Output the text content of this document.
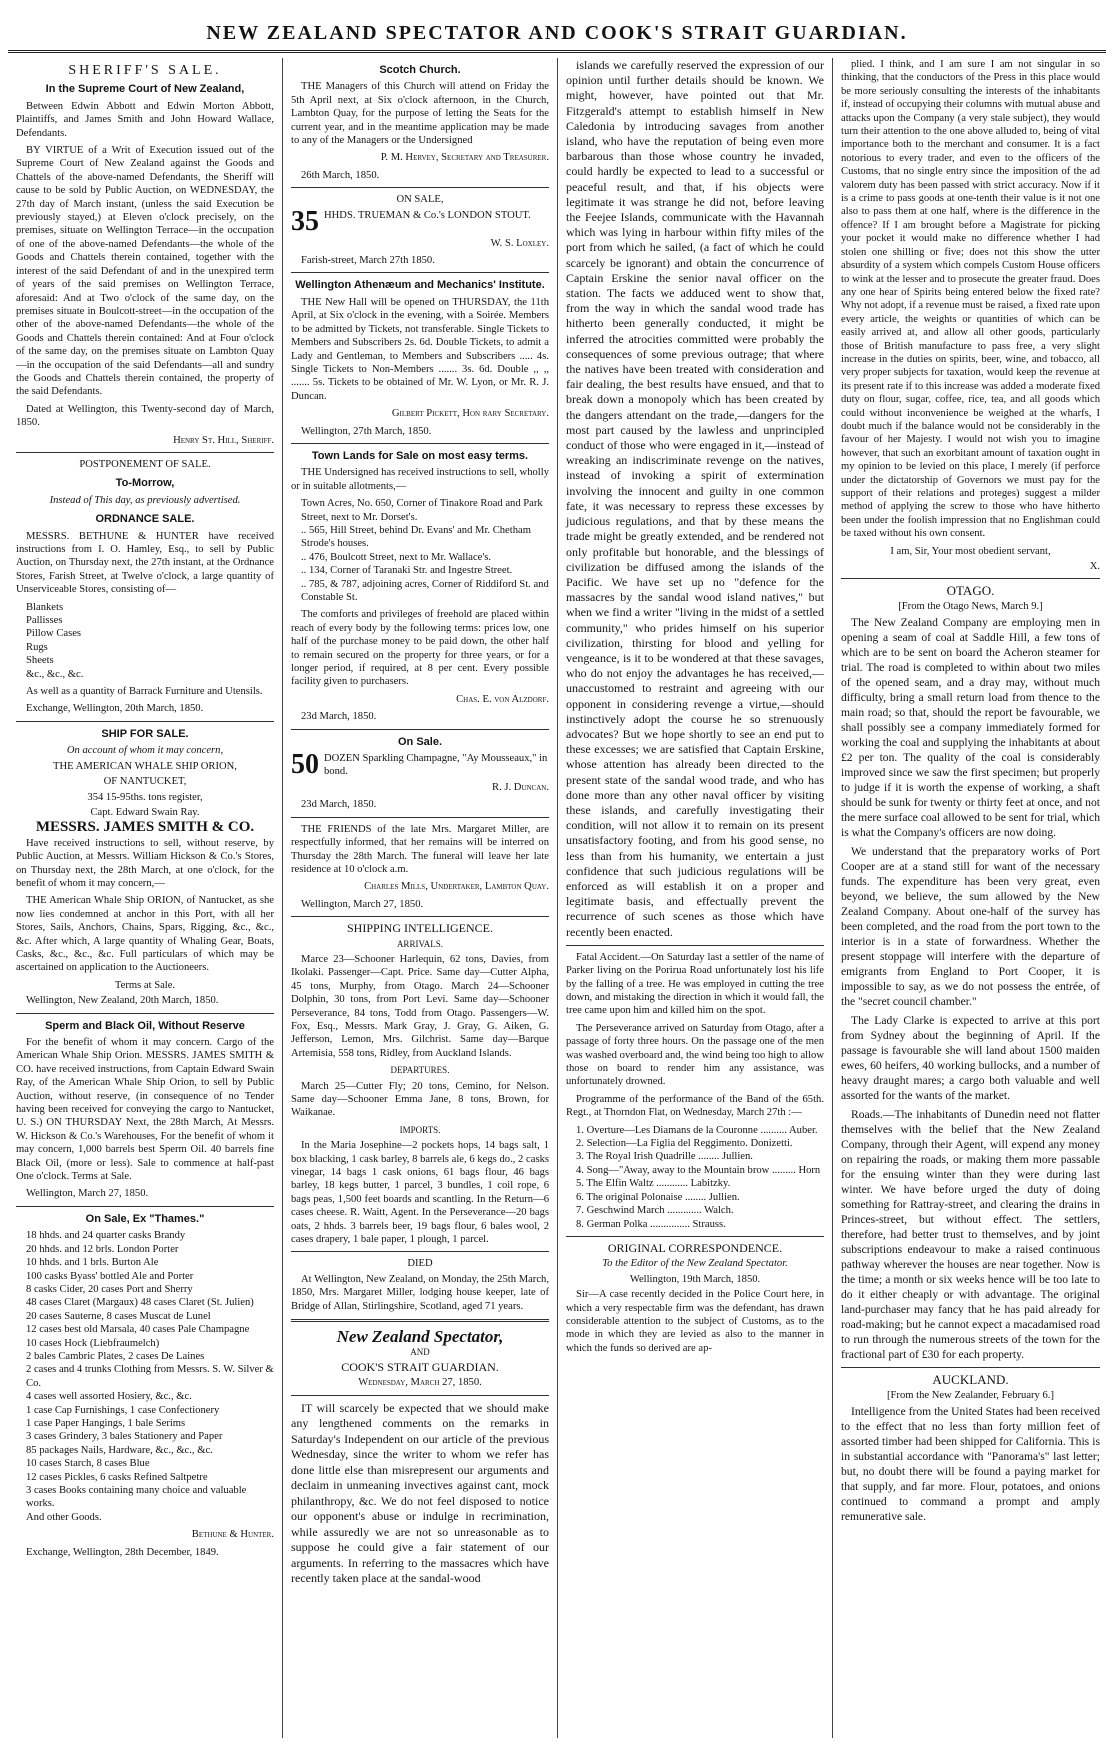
NEW ZEALAND SPECTATOR AND COOK'S STRAIT GUARDIAN.
SHERIFF'S SALE.
In the Supreme Court of New Zealand,

Between Edwin Abbott and Edwin Morton Abbott, Plaintiffs, and James Smith and John Howard Wallace, Defendants.

BY VIRTUE of a Writ of Execution issued out of the Supreme Court of New Zealand against the Goods and Chattels of the above-named Defendants, the Sheriff will cause to be sold by Public Auction, on WEDNESDAY, the 27th day of March instant, (unless the said Execution be previously stayed,) at Eleven o'clock precisely, on the premises, situate on Wellington Terrace—in the occupation of one of the above-named Defendants—the whole of the Goods and Chattels therein contained, together with the interest of the said Defendant of and in the unexpired term of years of the said premises on Wellington Terrace, aforesaid: And at Two o'clock of the same day, on the premises situate in Boulcott-street—in the occupation of the other of the above-named Defendants—the whole of the Goods and Chattels therein contained: And at Four o'clock of the same day, on the premises situate on Lambton Quay—in the occupation of the said Defendants—all and sundry the Goods and Chattels therein contained, the property of the said Defendants.

Dated at Wellington, this Twenty-second day of March, 1850.

Henry St. Hill, Sheriff.
POSTPONEMENT OF SALE.
To-Morrow,
Instead of This day, as previously advertised.
ORDNANCE SALE.

MESSRS. BETHUNE & HUNTER have received instructions from I. O. Hamley, Esq., to sell by Public Auction, on Thursday next, the 27th instant, at the Ordnance Stores, Farish Street, at Twelve o'clock, a large quantity of Unserviceable Stores, consisting of—

Blankets
Pallisses
Pillow Cases
Rugs
Sheets
&c., &c., &c.

As well as a quantity of Barrack Furniture and Utensils.

Exchange, Wellington, 20th March, 1850.

SHIP FOR SALE.
On account of whom it may concern,
THE AMERICAN WHALE SHIP ORION,
OF NANTUCKET,
354 15-95ths. tons register,
Capt. Edward Swain Ray.
MESSRS. JAMES SMITH & CO.

Have received instructions to sell, without reserve, by Public Auction, at Messrs. William Hickson & Co.'s Stores, on Thursday next, the 28th March, at one o'clock, for the benefit of whom it may concern,—

THE American Whale Ship ORION, of Nantucket, as she now lies condemned at anchor in this Port, with all her Stores, Sails, Anchors, Chains, Spars, Rigging, &c., &c., &c. After which, A large quantity of Whaling Gear, Boats, Casks, &c., &c., &c. Full particulars of which may be ascertained on application to the Auctioneers.

Terms at Sale.

Wellington, New Zealand, 20th March, 1850.

Sperm and Black Oil, Without Reserve

For the benefit of whom it may concern. Cargo of the American Whale Ship Orion. MESSRS. JAMES SMITH & CO. have received instructions, from Captain Edward Swain Ray, of the American Whale Ship Orion, to sell by Public Auction, without reserve, (in consequence of no Tender having been received for conveying the cargo to Nantucket, U. S.) ON THURSDAY Next, the 28th March, At Messrs. W. Hickson & Co.'s Warehouses, For the benefit of whom it may concern, 1,000 barrels best Sperm Oil. 40 barrels fine Black Oil, (more or less). Sale to commence at half-past One o'clock. Terms at Sale.

Wellington, March 27, 1850.

On Sale, Ex "Thames."
18 hhds. and 24 quarter casks Brandy
20 hhds. and 12 brls. London Porter
10 hhds. and 1 brls. Burton Ale
100 casks Byass' bottled Ale and Porter
8 casks Cider, 20 cases Port and Sherry
48 cases Claret (Margaux) 48 cases Claret (St. Julien)
20 cases Sauterne, 8 cases Muscat de Lunel
12 cases best old Marsala, 40 cases Pale Champagne
10 cases Hock (Liebfraumelch)
2 bales Cambric Plates, 2 cases De Laines
2 cases and 4 trunks Clothing from Messrs. S. W. Silver & Co.
4 cases well assorted Hosiery, &c., &c.
1 case Cap Furnishings, 1 case Confectionery
1 case Paper Hangings, 1 bale Serims
3 cases Grindery, 3 bales Stationery and Paper
85 packages Nails, Hardware, &c., &c., &c.
10 cases Starch, 8 cases Blue
12 cases Pickles, 6 casks Refined Saltpetre
3 cases Books containing many choice and valuable works.
And other Goods.
Bethune & Hunter.

Exchange, Wellington, 28th December, 1849.

Scotch Church.

THE Managers of this Church will attend on Friday the 5th April next, at Six o'clock afternoon, in the Church, Lambton Quay, for the purpose of letting the Seats for the current year, and in the meantime application may be made to any of the Managers or the Undersigned

P. M. Hervey, Secretary and Treasurer.

26th March, 1850.

ON SALE,
35 HHDS. TRUEMAN & Co.'s LONDON STOUT.
W. S. Loxley.

Farish-street, March 27th 1850.

Wellington Athenæum and Mechanics' Institute.

THE New Hall will be opened on THURSDAY, the 11th April, at Six o'clock in the evening, with a Soirée. Members to be admitted by Tickets, not transferable. Single Tickets to Members and Subscribers 2s. 6d. Double Tickets, to admit a Lady and Gentleman, to Members and Subscribers ..... 4s. Single Tickets to Non-Members ....... 3s. 6d. Double ,, ,, ....... 5s. Tickets to be obtained of Mr. W. Lyon, or Mr. R. J. Duncan.

Gilbert Pickett, Hon rary Secretary.

Wellington, 27th March, 1850.

Town Lands for Sale on most easy terms.

THE Undersigned has received instructions to sell, wholly or in suitable allotments,—

Town Acres, No. 650, Corner of Tinakore Road and Park Street, next to Mr. Dorset's.
.. 565, Hill Street, behind Dr. Evans' and Mr. Chetham Strode's houses.
.. 476, Boulcott Street, next to Mr. Wallace's.
.. 134, Corner of Taranaki Str. and Ingestre Street.
.. 785, & 787, adjoining acres, Corner of Riddiford St. and Constable St.

The comforts and privileges of freehold are placed within reach of every body by the following terms: prices low, one half of the purchase money to be paid down, the other half to remain secured on the property for three years, or for a longer period, if required, at 8 per cent. Every possible facility given to purchasers.

Chas. E. von Alzdorf.

23d March, 1850.

On Sale.
50 DOZEN Sparkling Champagne, "Ay Mousseaux," in bond.
R. J. Duncan.

23d March, 1850.

THE FRIENDS of the late Mrs. Margaret Miller, are respectfully informed, that her remains will be interred on Thursday the 28th March. The funeral will leave her late residence at 10 o'clock a.m.

Charles Mills, Undertaker, Lambton Quay.

Wellington, March 27, 1850.

SHIPPING INTELLIGENCE.
ARRIVALS.

Marce 23—Schooner Harlequin, 62 tons, Davies, from Ikolaki. Passenger—Capt. Price. Same day—Cutter Alpha, 45 tons, Murphy, from Otago. March 24—Schooner Dolphin, 30 tons, from Port Levi. Same day—Schooner Perseverance, 84 tons, Todd from Otago. Passengers—W. Fox, Esq., Messrs. Mark Gray, J. Gray, G. Aiken, G. Jefferson, Lemon, Mrs. Gilchrist. Same day—Barque Artemisia, 558 tons, Ridley, from Auckland Islands.

DEPARTURES.

March 25—Cutter Fly; 20 tons, Cemino, for Nelson. Same day—Schooner Emma Jane, 8 tons, Brown, for Waikanae.

IMPORTS.

In the Maria Josephine—2 pockets hops, 14 bags salt, 1 box blacking, 1 cask barley, 8 barrels ale, 6 kegs do., 2 casks vinegar, 14 bags 1 cask onions, 61 bags flour, 46 bags barley, 18 kegs butter, 1 parcel, 3 bundles, 1 coil rope, 6 bags peas, 1,500 feet boards and scantling. In the Return—6 cases cheese. R. Waitt, Agent. In the Perseverance—20 bags oats, 2 hhds. 3 barrels beer, 19 bags flour, 6 bales wool, 2 cases drapery, 1 bale paper, 1 plough, 1 parcel.

DIED

At Wellington, New Zealand, on Monday, the 25th March, 1850, Mrs. Margaret Miller, lodging house keeper, late of Bridge of Allan, Stirlingshire, Scotland, aged 71 years.

New Zealand Spectator,
AND
COOK'S STRAIT GUARDIAN.
Wednesday, March 27, 1850.

IT will scarcely be expected that we should make any lengthened comments on the remarks in Saturday's Independent on our article of the previous Wednesday, since the writer to whom we refer has done little else than misrepresent our arguments and declaim in unmeaning invectives against cant, mock philanthropy, &c. We do not feel disposed to notice our opponent's abuse or indulge in recrimination, while assuredly we are not so unreasonable as to suppose he could give a fair statement of our arguments. In referring to the massacres which have recently taken place at the sandal-wood

islands we carefully reserved the expression of our opinion until further details should be known. We might, however, have pointed out that Mr. Fitzgerald's attempt to establish himself in New Caledonia by introducing savages from another island, who have the reputation of being even more barbarous than those whose country he invaded, could hardly be expected to lead to a successful or peaceful result, and that, if his objects were legitimate it was strange he did not, before leaving the Feejee Islands, communicate with the Havannah which was lying in harbour within fifty miles of the port from which he sailed, (a fact of which he could scarcely be ignorant) and obtain the concurrence of Captain Erskine the senior naval officer on the station. The facts we adduced went to show that, from the way in which the sandal wood trade has hitherto been generally conducted, it might be inferred the atrocities committed were probably the consequences of some previous outrage; that where the natives have been treated with consideration and fair dealing, the best results have ensued, and that to break down a monopoly which has been created by the dangers attendant on the trade,—dangers for the most part caused by the lawless and unprincipled conduct of those who were engaged in it,—instead of wreaking an indiscriminate revenge on the natives, instead of invoking a spirit of extermination involving the innocent and guilty in one common fate, it was necessary to repress these excesses by judicious regulations, and that by these means the trade might be greatly extended, and be rendered not only profitable but honorable, and the blessings of civilization be diffused among the islands of the Pacific. We have set up no "defence for the massacres by the sandal wood island natives," but when we find a writer "living in the midst of a settled community," who prides himself on his superior civilization, thirsting for blood and yelling for vengeance, is it to be wondered at that these savages, who do not enjoy the advantages he has received,—unaccustomed to restraint and agreeing with our opponent in considering revenge a virtue,—should instinctively adopt the course he so strenuously advocates? But we hope shortly to see an end put to these excesses; we are satisfied that Captain Erskine, whose attention has already been directed to the present state of the sandal wood trade, and who has done more than any other naval officer by visiting these islands, and carefully investigating their condition, will not allow it to remain on its present unsatisfactory footing, and from his good sense, no less than from his humanity, we entertain a just confidence that such judicious regulations will be enforced as will establish it on a proper and legitimate basis, and effectually prevent the recurrence of such scenes as those which have recently been enacted.

Fatal Accident.—On Saturday last a settler of the name of Parker living on the Porirua Road unfortunately lost his life by the falling of a tree. He was employed in cutting the tree down, and mistaking the direction in which it would fall, the tree came upon him and killed him on the spot.

The Perseverance arrived on Saturday from Otago, after a passage of forty three hours. On the passage one of the men was washed overboard and, the wind being too high to allow those on board to render him any assistance, was unfortunately drowned.

Programme of the performance of the Band of the 65th. Regt., at Thorndon Flat, on Wednesday, March 27th :—

1. Overture—Les Diamans de la Couronne .......... Auber.
2. Selection—La Figlia del Reggimento. Donizetti.
3. The Royal Irish Quadrille ........ Jullien.
4. Song—"Away, away to the Mountain brow ......... Horn
5. The Elfin Waltz ............ Labitzky.
6. The original Polonaise ........ Jullien.
7. Geschwind March ............. Walch.
8. German Polka ............... Strauss.
ORIGINAL CORRESPONDENCE.
To the Editor of the New Zealand Spectator.
Wellington, 19th March, 1850.

Sir—A case recently decided in the Police Court here, in which a very respectable firm was the defendant, has drawn considerable attention to the subject of Customs, as to the mode in which they are levied as also to the manner in which the funds so derived are ap-

plied. I think, and I am sure I am not singular in so thinking, that the conductors of the Press in this place would be more seriously consulting the interests of the inhabitants if, instead of occupying their columns with mutual abuse and attacks upon the Company (a very stale subject), they would turn their attention to the one above alluded to, being of vital importance both to the merchant and consumer. It is a fact notorious to every trader, and even to the officers of the Customs, that no single entry since the imposition of the ad valorem duty has been passed with strict accuracy. Now if it is a crime to pass goods at one-tenth their value is it not one also to pass them at one half, where is the difference in the offence? If I am brought before a Magistrate for picking your pocket it would make no difference whether I had stolen one shilling or five; does not this show the utter absurdity of a system which compels Custom House officers to wink at the lesser and to prosecute the greater fraud. Does any one hear of Spirits being entered below the fixed rate? Why not adopt, if a revenue must be raised, a fixed rate upon every article, the weights or quantities of which can be easily arrived at, and allow all other goods, particularly those of British manufacture to pass free, a very slight increase in the duties on spirits, beer, wine, and tobacco, all very proper subjects for taxation, would keep the revenue at its present rate if to this increase was added a moderate fixed duty on flour, sugar, coffee, rice, tea, and all goods which could without inconvenience be weighed at the wharfs, I doubt much if the balance would not be considerably in the favour of her Majesty. I would not wish you to imagine however, that such an exorbitant amount of taxation ought in my opinion to be levied on this place, I merely (if perforce under the dictatorship of Governors we must pay for the support of their relations and proteges) suggest a milder method of applying the screw to those who have hitherto been under the foolish impression that no Englishman could be taxed without his own consent.

I am, Sir, Your most obedient servant,
X.
OTAGO.
[From the Otago News, March 9.]

The New Zealand Company are employing men in opening a seam of coal at Saddle Hill, a few tons of which are to be sent on board the Acheron steamer for trial. The road is completed to within about two miles of the opened seam, and a dray may, without much difficulty, bring a small return load from thence to the main road; so that, should the report be favourable, we shall possibly see a company immediately formed for working the coal and supplying the inhabitants at about £2 per ton. The quality of the coal is considerably improved since we saw the first specimen; but properly to judge if it is worth the expense of working, a shaft should be sunk for twenty or thirty feet at once, and not the mere surface coal allowed to be sent for trial, which is what the Company's officers are now doing.

We understand that the preparatory works of Port Cooper are at a stand still for want of the necessary funds. The expenditure has been very great, even beyond, we believe, the sum allowed by the New Zealand Company. About one-half of the survey has been completed, and the road from the port town to the interior is in a state of forwardness. Whether the present stoppage will interfere with the departure of emigrants from England to Port Cooper, it is impossible to say, as we do not possess the entrée, of the "secret council chamber."

The Lady Clarke is expected to arrive at this port from Sydney about the beginning of April. If the passage is favourable she will land about 1500 maiden ewes, 60 heifers, 40 working bullocks, and a number of heavy draught mares; a cargo both valuable and well assorted for the wants of the market.

Roads.—The inhabitants of Dunedin need not flatter themselves with the belief that the New Zealand Company, through their Agent, will expend any money on repairing the roads, or making them more passable for the ensuing winter than they were during last winter. We have before urged the duty of doing something for Rattray-street, and clearing the drains in Princes-street, but without effect. The settlers, therefore, had better trust to themselves, and by joint subscriptions endeavour to make a raised continuous pathway wherever the houses are near together. Now is the time; a month or six weeks hence will be too late to do it either cheaply or with advantage. The original land-purchaser may fancy that he has paid already for road-making; but he cannot expect a macadamised road to run through the numerous streets of the town for the fractional part of £30 for each property.

AUCKLAND.
[From the New Zealander, February 6.]

Intelligence from the United States had been received to the effect that no less than forty million feet of assorted timber had been shipped for California. This is in substantial accordance with "Panorama's" last letter; but, no doubt there will be found a paying market for that supply, and far more. Flour, potatoes, and onions continued to command a prompt and amply remunerative sale.
